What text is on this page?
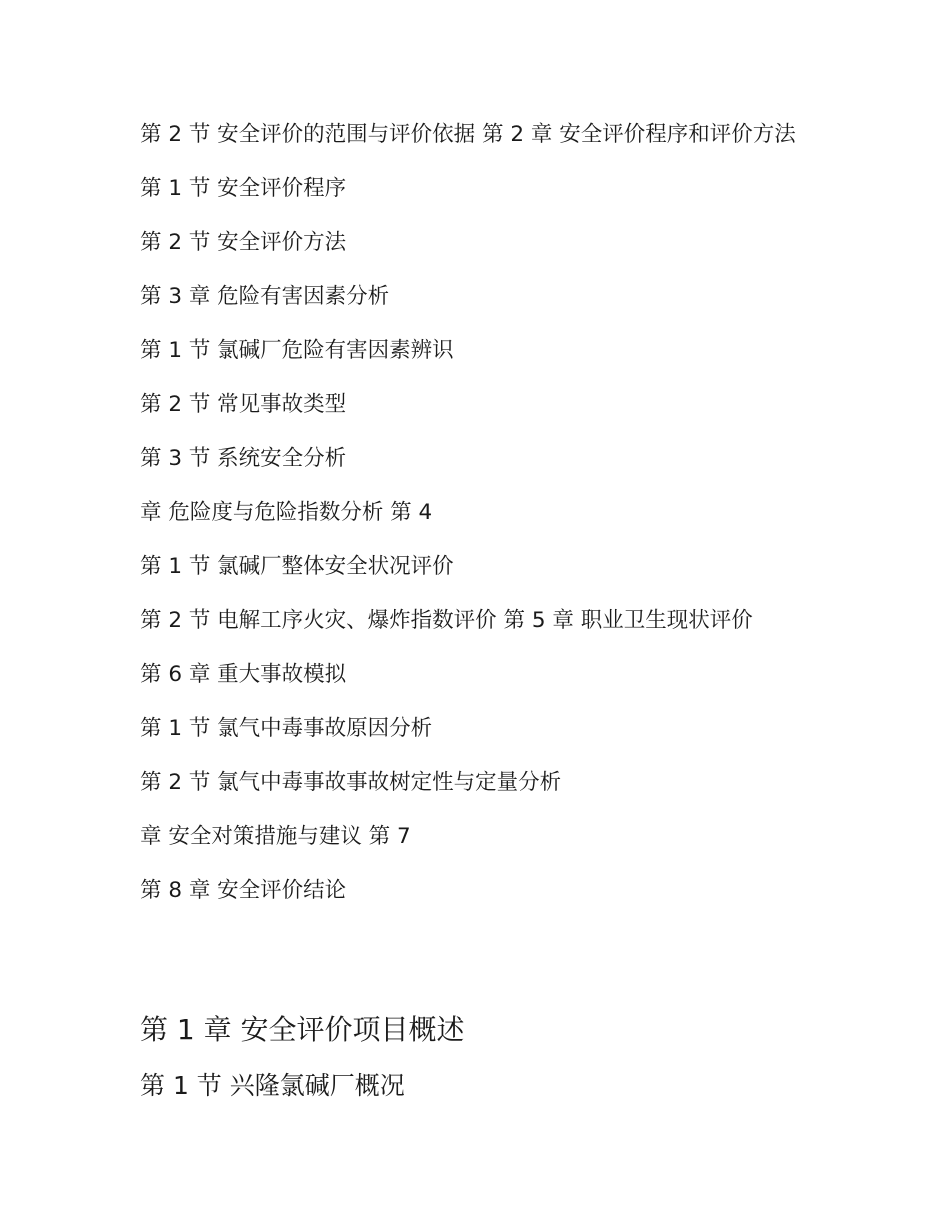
第 2 节 安全评价的范围与评价依据 第 2 章 安全评价程序和评价方法

第 1 节 安全评价程序

第 2 节 安全评价方法

第 3 章 危险有害因素分析

第 1 节 氯碱厂危险有害因素辨识

第 2 节 常见事故类型

第 3 节 系统安全分析

章 危险度与危险指数分析 第 4

第 1 节 氯碱厂整体安全状况评价

第 2 节 电解工序火灾、爆炸指数评价 第 5 章 职业卫生现状评价

第 6 章 重大事故模拟

第 1 节 氯气中毒事故原因分析

第 2 节 氯气中毒事故事故树定性与定量分析

章 安全对策措施与建议 第 7

第 8 章 安全评价结论

第 1 章 安全评价项目概述
第 1 节 兴隆氯碱厂概况
